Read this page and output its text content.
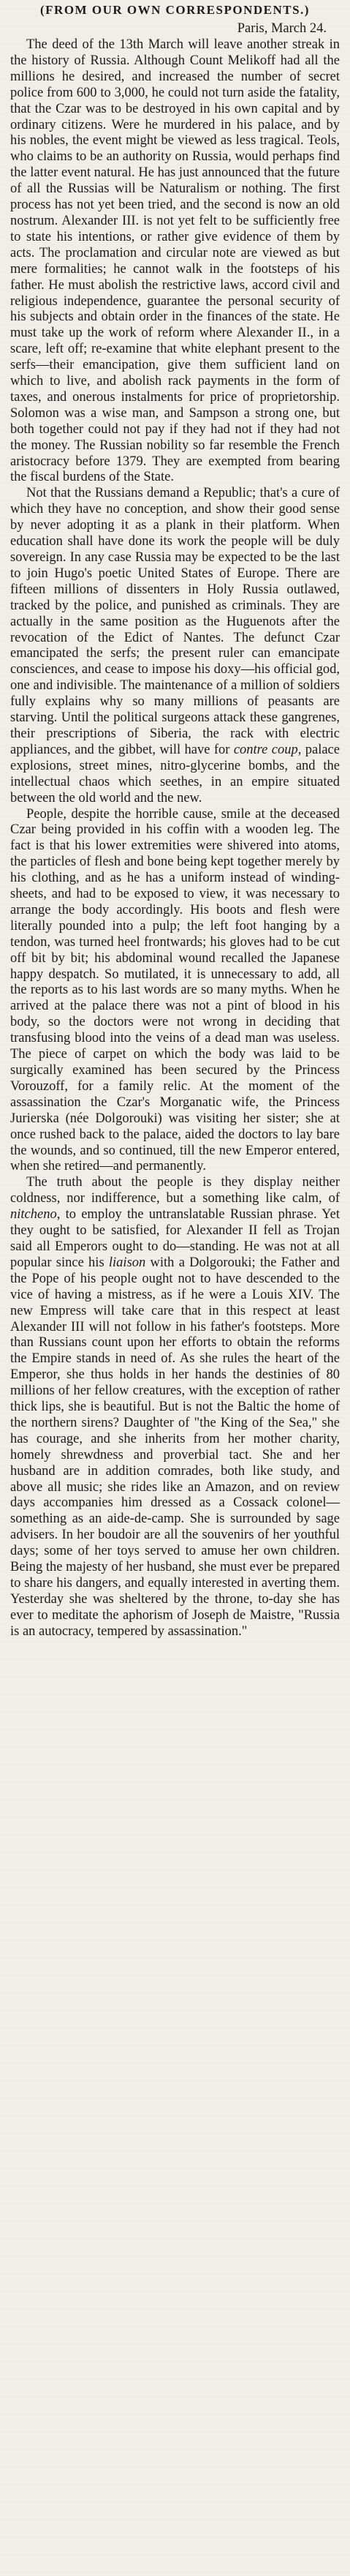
(FROM OUR OWN CORRESPONDENTS.)
Paris, March 24.

The deed of the 13th March will leave another streak in the history of Russia. Although Count Melikoff had all the millions he desired, and increased the number of secret police from 600 to 3,000, he could not turn aside the fatality, that the Czar was to be destroyed in his own capital and by ordinary citizens. Were he murdered in his palace, and by his nobles, the event might be viewed as less tragical. Teols, who claims to be an authority on Russia, would perhaps find the latter event natural. He has just announced that the future of all the Russias will be Naturalism or nothing. The first process has not yet been tried, and the second is now an old nostrum. Alexander III. is not yet felt to be sufficiently free to state his intentions, or rather give evidence of them by acts. The proclamation and circular note are viewed as but mere formalities; he cannot walk in the footsteps of his father. He must abolish the restrictive laws, accord civil and religious independence, guarantee the personal security of his subjects and obtain order in the finances of the state. He must take up the work of reform where Alexander II., in a scare, left off; re-examine that white elephant present to the serfs—their emancipation, give them sufficient land on which to live, and abolish rack payments in the form of taxes, and onerous instalments for price of proprietorship. Solomon was a wise man, and Sampson a strong one, but both together could not pay if they had not if they had not the money. The Russian nobility so far resemble the French aristocracy before 1379. They are exempted from bearing the fiscal burdens of the State.

Not that the Russians demand a Republic; that's a cure of which they have no conception, and show their good sense by never adopting it as a plank in their platform. When education shall have done its work the people will be duly sovereign. In any case Russia may be expected to be the last to join Hugo's poetic United States of Europe. There are fifteen millions of dissenters in Holy Russia outlawed, tracked by the police, and punished as criminals. They are actually in the same position as the Huguenots after the revocation of the Edict of Nantes. The defunct Czar emancipated the serfs; the present ruler can emancipate consciences, and cease to impose his doxy—his official god, one and indivisible. The maintenance of a million of soldiers fully explains why so many millions of peasants are starving. Until the political surgeons attack these gangrenes, their prescriptions of Siberia, the rack with electric appliances, and the gibbet, will have for contre coup, palace explosions, street mines, nitro-glycerine bombs, and the intellectual chaos which seethes, in an empire situated between the old world and the new.

People, despite the horrible cause, smile at the deceased Czar being provided in his coffin with a wooden leg. The fact is that his lower extremities were shivered into atoms, the particles of flesh and bone being kept together merely by his clothing, and as he has a uniform instead of winding-sheets, and had to be exposed to view, it was necessary to arrange the body accordingly. His boots and flesh were literally pounded into a pulp; the left foot hanging by a tendon, was turned heel frontwards; his gloves had to be cut off bit by bit; his abdominal wound recalled the Japanese happy despatch. So mutilated, it is unnecessary to add, all the reports as to his last words are so many myths. When he arrived at the palace there was not a pint of blood in his body, so the doctors were not wrong in deciding that transfusing blood into the veins of a dead man was useless. The piece of carpet on which the body was laid to be surgically examined has been secured by the Princess Vorouzoff, for a family relic. At the moment of the assassination the Czar's Morganatic wife, the Princess Jurierska (née Dolgorouki) was visiting her sister; she at once rushed back to the palace, aided the doctors to lay bare the wounds, and so continued, till the new Emperor entered, when she retired—and permanently.

The truth about the people is they display neither coldness, nor indifference, but a something like calm, of nitcheno, to employ the untranslatable Russian phrase. Yet they ought to be satisfied, for Alexander II fell as Trojan said all Emperors ought to do—standing. He was not at all popular since his liaison with a Dolgorouki; the Father and the Pope of his people ought not to have descended to the vice of having a mistress, as if he were a Louis XIV. The new Empress will take care that in this respect at least Alexander III will not follow in his father's footsteps. More than Russians count upon her efforts to obtain the reforms the Empire stands in need of. As she rules the heart of the Emperor, she thus holds in her hands the destinies of 80 millions of her fellow creatures, with the exception of rather thick lips, she is beautiful. But is not the Baltic the home of the northern sirens? Daughter of "the King of the Sea," she has courage, and she inherits from her mother charity, homely shrewdness and proverbial tact. She and her husband are in addition comrades, both like study, and above all music; she rides like an Amazon, and on review days accompanies him dressed as a Cossack colonel—something as an aide-de-camp. She is surrounded by sage advisers. In her boudoir are all the souvenirs of her youthful days; some of her toys served to amuse her own children. Being the majesty of her husband, she must ever be prepared to share his dangers, and equally interested in averting them. Yesterday she was sheltered by the throne, to-day she has ever to meditate the aphorism of Joseph de Maistre, "Russia is an autocracy, tempered by assassination."
